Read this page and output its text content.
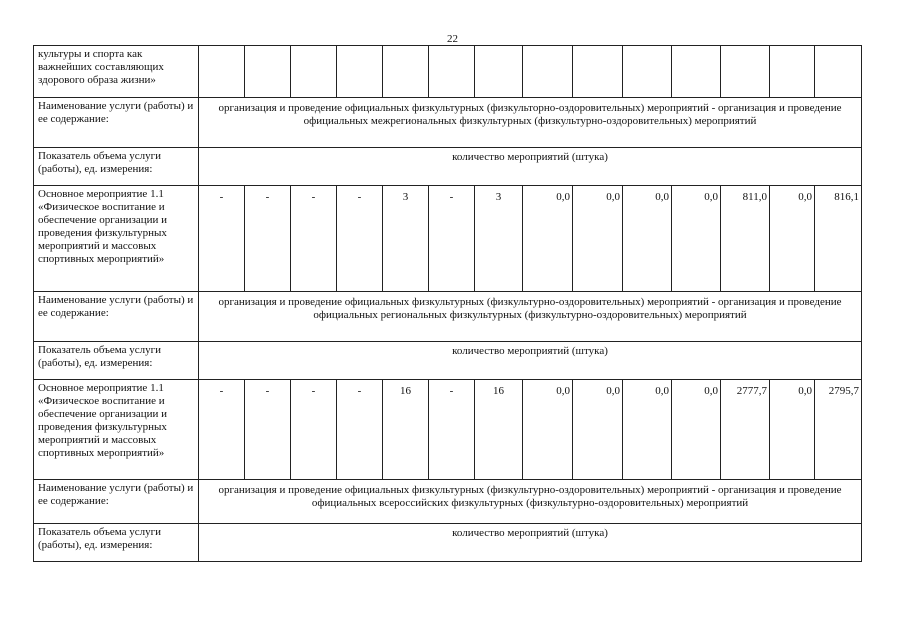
22
культуры и спорта как важнейших составляющих здорового образа жизни»														
Наименование услуги (работы) и ее содержание:	организация и проведение официальных физкультурных (физкульторно-оздоровительных) мероприятий - организация и проведение официальных межрегиональных физкультурных (физкультурно-оздоровительных) мероприятий													
Показатель объема услуги (работы), ед. измерения:	количество мероприятий (штука)													
Основное мероприятие 1.1 «Физическое воспитание и обеспечение организации и проведения физкультурных мероприятий и массовых спортивных мероприятий»	-	-	-	-	3	-	3	0,0	0,0	0,0	0,0	811,0	0,0	816,1
Наименование услуги (работы) и ее содержание:	организация и проведение официальных физкультурных (физкультурно-оздоровительных) мероприятий - организация и проведение официальных региональных физкультурных (физкультурно-оздоровительных) мероприятий													
Показатель объема услуги (работы), ед. измерения:	количество мероприятий (штука)													
Основное мероприятие 1.1 «Физическое воспитание и обеспечение организации и проведения физкультурных мероприятий и массовых спортивных мероприятий»	-	-	-	-	16	-	16	0,0	0,0	0,0	0,0	2777,7	0,0	2795,7
Наименование услуги (работы) и ее содержание:	организация и проведение официальных физкультурных (физкультурно-оздоровительных) мероприятий - организация и проведение официальных всероссийских физкультурных (физкультурно-оздоровительных) мероприятий													
Показатель объема услуги (работы), ед. измерения:	количество мероприятий (штука)													
